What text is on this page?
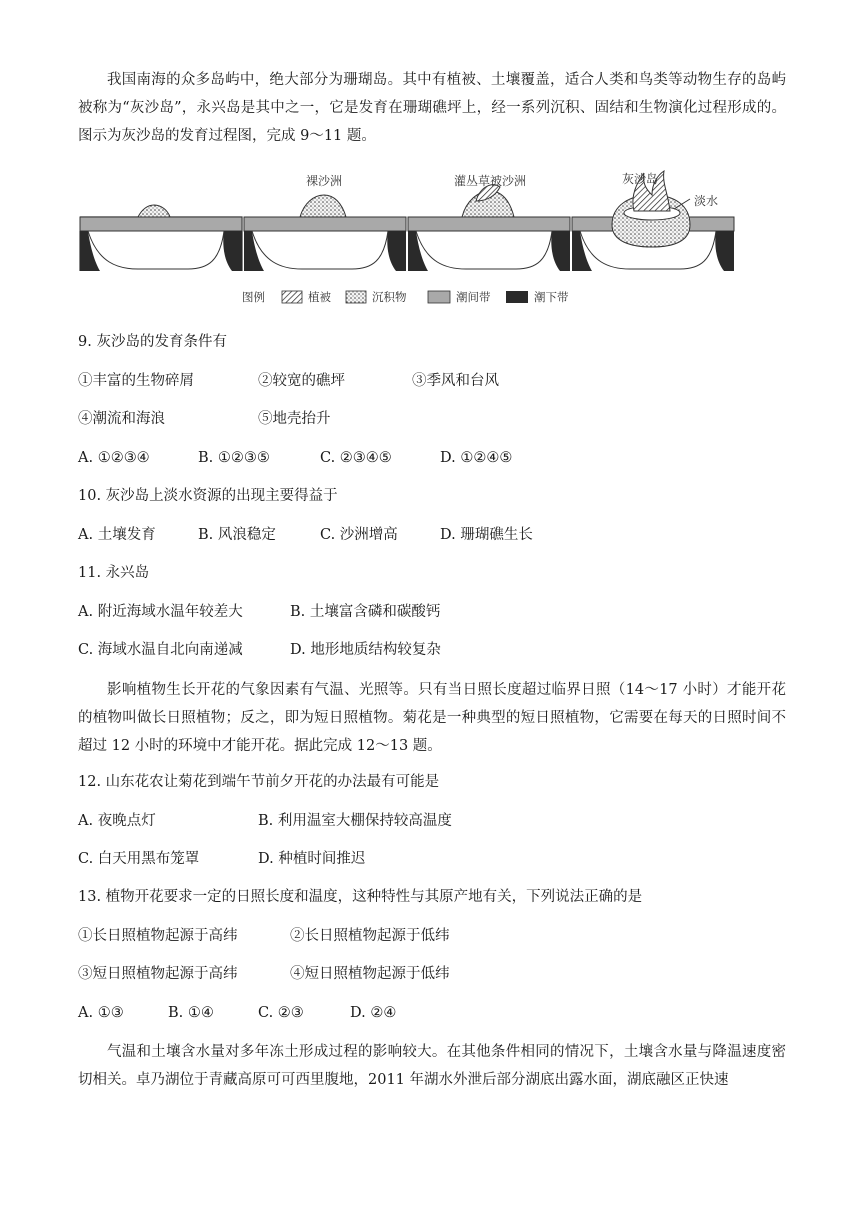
我国南海的众多岛屿中，绝大部分为珊瑚岛。其中有植被、土壤覆盖，适合人类和鸟类等动物生存的岛屿被称为“灰沙岛”，永兴岛是其中之一，它是发育在珊瑚礁坪上，经一系列沉积、固结和生物演化过程形成的。图示为灰沙岛的发育过程图，完成 9～11 题。

裸沙洲	灌丛草被沙洲	灰沙岛
淡水
图例	植被	沉积物	潮间带	潮下带
9. 灰沙岛的发育条件有
①丰富的生物碎屑	②较宽的礁坪	③季风和台风
④潮流和海浪	⑤地壳抬升
A. ①②③④	B. ①②③⑤	C. ②③④⑤	D. ①②④⑤
10. 灰沙岛上淡水资源的出现主要得益于
A. 土壤发育	B. 风浪稳定	C. 沙洲增高	D. 珊瑚礁生长
11. 永兴岛
A. 附近海域水温年较差大	B. 土壤富含磷和碳酸钙
C. 海域水温自北向南递减	D. 地形地质结构较复杂

影响植物生长开花的气象因素有气温、光照等。只有当日照长度超过临界日照（14～17 小时）才能开花的植物叫做长日照植物；反之，即为短日照植物。菊花是一种典型的短日照植物，它需要在每天的日照时间不超过 12 小时的环境中才能开花。据此完成 12～13 题。

12. 山东花农让菊花到端午节前夕开花的办法最有可能是
A. 夜晚点灯	B. 利用温室大棚保持较高温度
C. 白天用黑布笼罩	D. 种植时间推迟
13. 植物开花要求一定的日照长度和温度，这种特性与其原产地有关，下列说法正确的是
①长日照植物起源于高纬	②长日照植物起源于低纬
③短日照植物起源于高纬	④短日照植物起源于低纬
A. ①③	B. ①④	C. ②③	D. ②④

气温和土壤含水量对多年冻土形成过程的影响较大。在其他条件相同的情况下，土壤含水量与降温速度密切相关。卓乃湖位于青藏高原可可西里腹地，2011 年湖水外泄后部分湖底出露水面，湖底融区正快速
